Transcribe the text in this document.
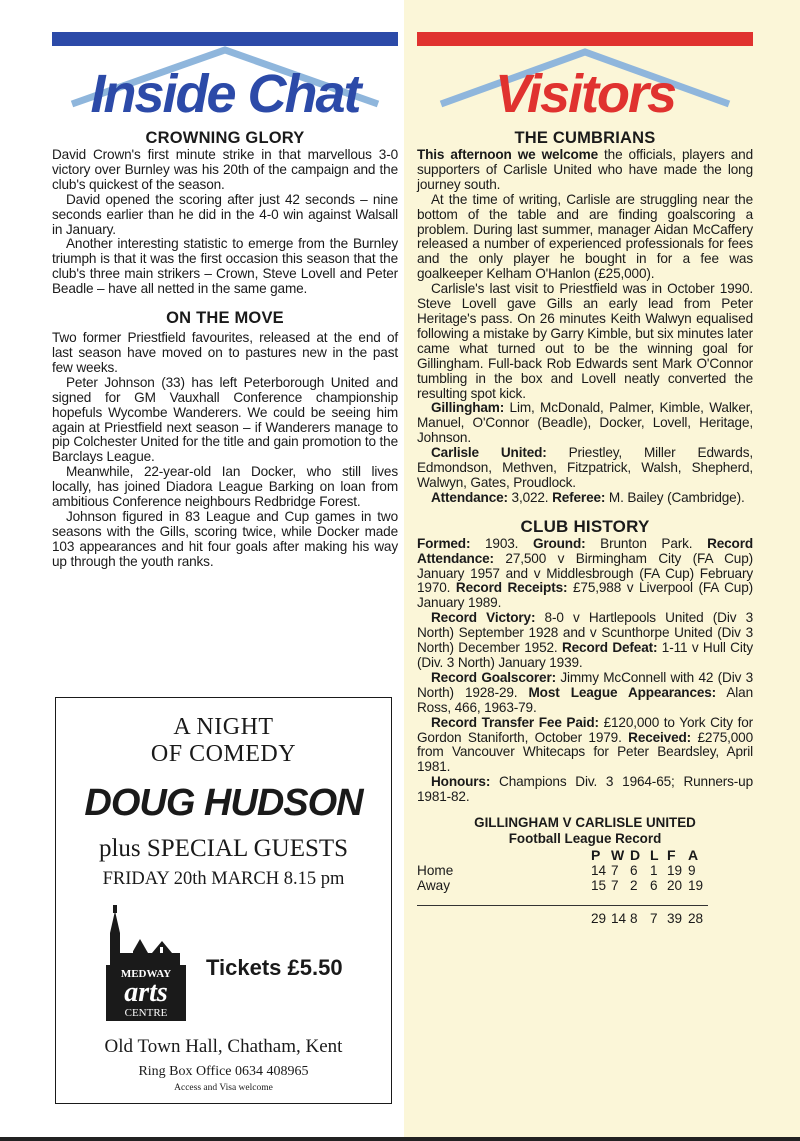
Inside Chat
CROWNING GLORY

David Crown's first minute strike in that marvellous 3-0 victory over Burnley was his 20th of the campaign and the club's quickest of the season.

David opened the scoring after just 42 seconds – nine seconds earlier than he did in the 4-0 win against Walsall in January.

Another interesting statistic to emerge from the Burnley triumph is that it was the first occasion this season that the club's three main strikers – Crown, Steve Lovell and Peter Beadle – have all netted in the same game.

ON THE MOVE

Two former Priestfield favourites, released at the end of last season have moved on to pastures new in the past few weeks.

Peter Johnson (33) has left Peterborough United and signed for GM Vauxhall Conference championship hopefuls Wycombe Wanderers. We could be seeing him again at Priestfield next season – if Wanderers manage to pip Colchester United for the title and gain promotion to the Barclays League.

Meanwhile, 22-year-old Ian Docker, who still lives locally, has joined Diadora League Barking on loan from ambitious Conference neighbours Redbridge Forest.

Johnson figured in 83 League and Cup games in two seasons with the Gills, scoring twice, while Docker made 103 appearances and hit four goals after making his way up through the youth ranks.

A NIGHT
OF COMEDY
DOUG HUDSON
plus SPECIAL GUESTS
FRIDAY 20th MARCH 8.15 pm
MEDWAY
arts
CENTRE
Tickets £5.50
Old Town Hall, Chatham, Kent
Ring Box Office 0634 408965
Access and Visa welcome
Visitors
THE CUMBRIANS

This afternoon we welcome the officials, players and supporters of Carlisle United who have made the long journey south.

At the time of writing, Carlisle are struggling near the bottom of the table and are finding goalscoring a problem. During last summer, manager Aidan McCaffery released a number of experienced professionals for fees and the only player he bought in for a fee was goalkeeper Kelham O'Hanlon (£25,000).

Carlisle's last visit to Priestfield was in October 1990. Steve Lovell gave Gills an early lead from Peter Heritage's pass. On 26 minutes Keith Walwyn equalised following a mistake by Garry Kimble, but six minutes later came what turned out to be the winning goal for Gillingham. Full-back Rob Edwards sent Mark O'Connor tumbling in the box and Lovell neatly converted the resulting spot kick.

Gillingham: Lim, McDonald, Palmer, Kimble, Walker, Manuel, O'Connor (Beadle), Docker, Lovell, Heritage, Johnson.

Carlisle United: Priestley, Miller Edwards, Edmondson, Methven, Fitzpatrick, Walsh, Shepherd, Walwyn, Gates, Proudlock.

Attendance: 3,022. Referee: M. Bailey (Cambridge).

CLUB HISTORY

Formed: 1903. Ground: Brunton Park. Record Attendance: 27,500 v Birmingham City (FA Cup) January 1957 and v Middlesbrough (FA Cup) February 1970. Record Receipts: £75,988 v Liverpool (FA Cup) January 1989.

Record Victory: 8-0 v Hartlepools United (Div 3 North) September 1928 and v Scunthorpe United (Div 3 North) December 1952. Record Defeat: 1-11 v Hull City (Div. 3 North) January 1939.

Record Goalscorer: Jimmy McConnell with 42 (Div 3 North) 1928-29. Most League Appearances: Alan Ross, 466, 1963-79.

Record Transfer Fee Paid: £120,000 to York City for Gordon Staniforth, October 1979. Received: £275,000 from Vancouver Whitecaps for Peter Beardsley, April 1981.

Honours: Champions Div. 3 1964-65; Runners-up 1981-82.

GILLINGHAM V CARLISLE UNITED
Football League Record
	P	W	D	L	F	A
Home	14	7	6	1	19	9
Away	15	7	2	6	20	19

	29	14	8	7	39	28
